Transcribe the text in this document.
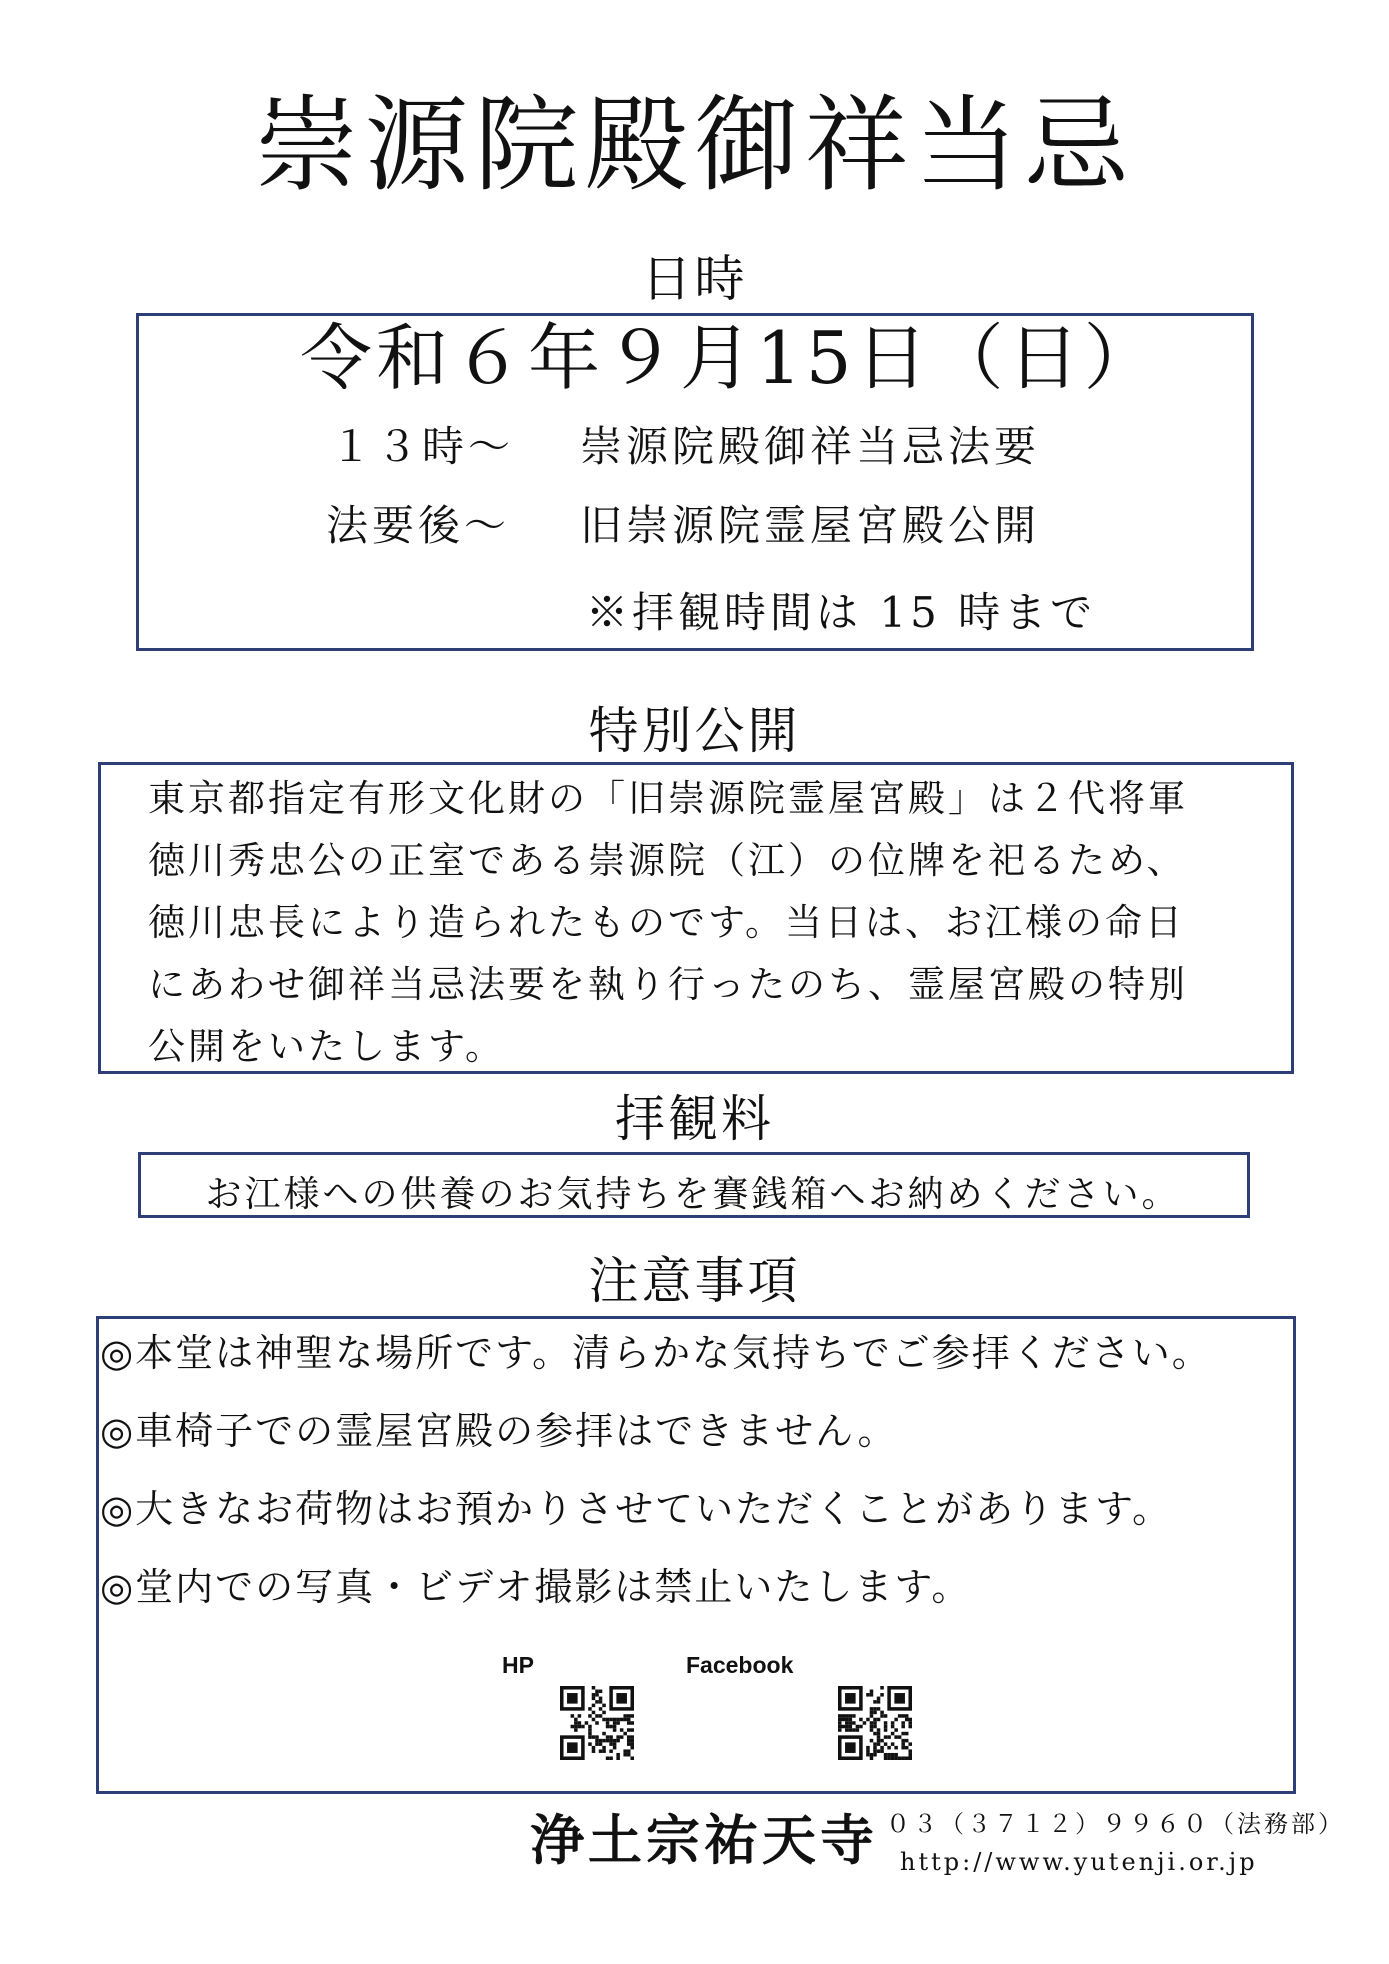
崇源院殿御祥当忌
日時
令和６年９月15日（日）
１３時～ 崇源院殿御祥当忌法要
法要後～ 旧崇源院霊屋宮殿公開
※拝観時間は 15 時まで
特別公開
東京都指定有形文化財の「旧崇源院霊屋宮殿」は２代将軍
徳川秀忠公の正室である崇源院（江）の位牌を祀るため、
徳川忠長により造られたものです。当日は、お江様の命日
にあわせ御祥当忌法要を執り行ったのち、霊屋宮殿の特別
公開をいたします。
拝観料
お江様への供養のお気持ちを賽銭箱へお納めください。
注意事項
◎本堂は神聖な場所です。清らかな気持ちでご参拝ください。
◎車椅子での霊屋宮殿の参拝はできません。
◎大きなお荷物はお預かりさせていただくことがあります。
◎堂内での写真・ビデオ撮影は禁止いたします。
HP	Facebook
浄土宗祐天寺 ０３（３７１２）９９６０（法務部）
http://www.yutenji.or.jp
